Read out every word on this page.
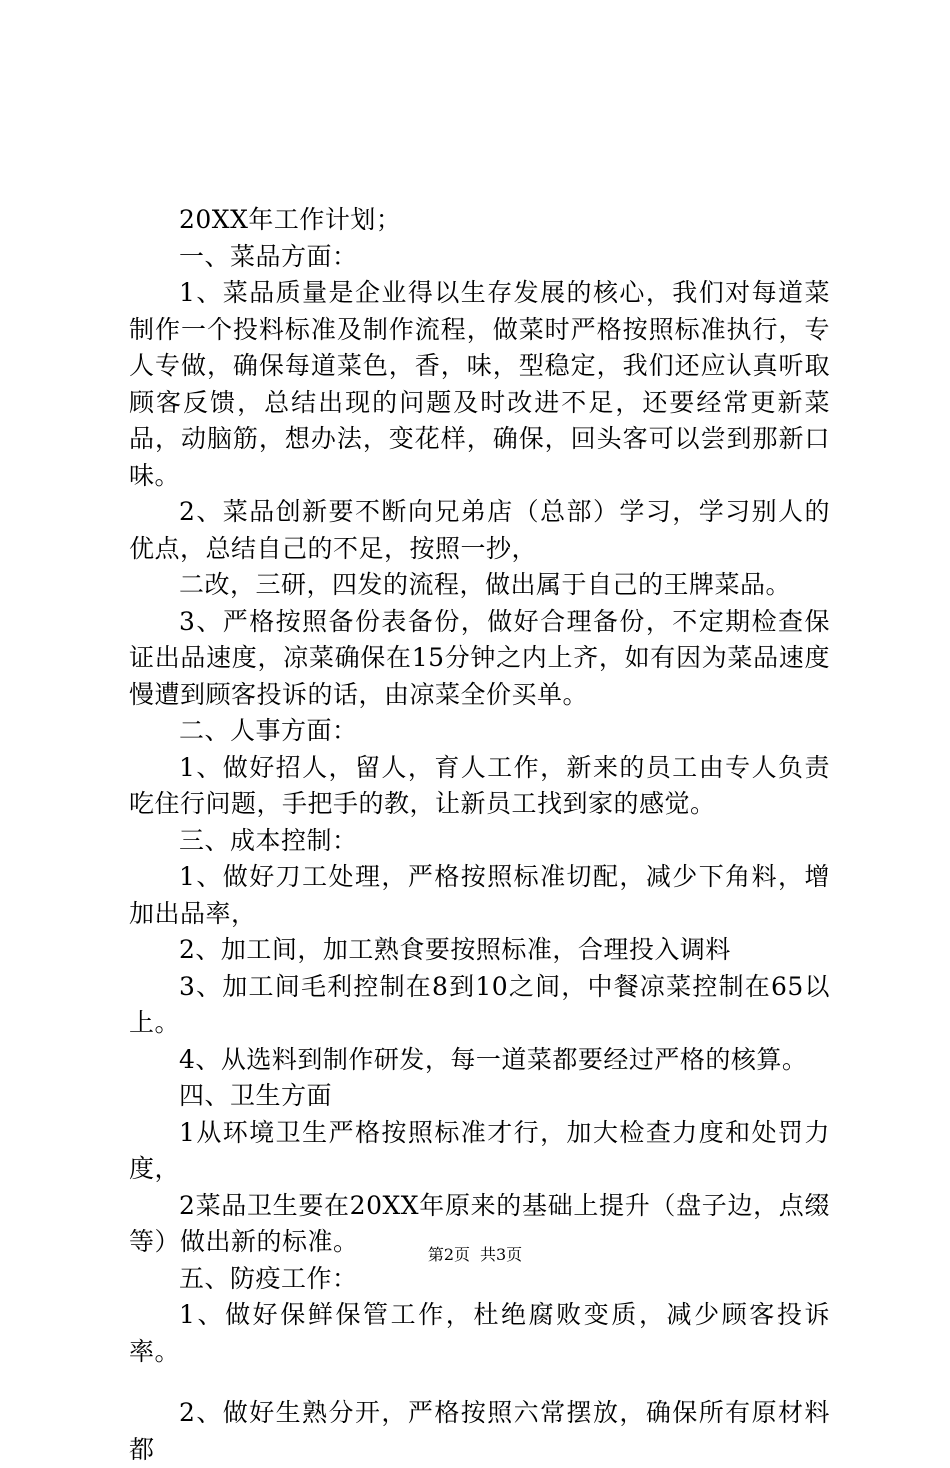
20XX年工作计划；

一、菜品方面：

1、菜品质量是企业得以生存发展的核心，我们对每道菜制作一个投料标准及制作流程，做菜时严格按照标准执行，专人专做，确保每道菜色，香，味，型稳定，我们还应认真听取顾客反馈，总结出现的问题及时改进不足，还要经常更新菜品，动脑筋，想办法，变花样，确保，回头客可以尝到那新口味。

2、菜品创新要不断向兄弟店（总部）学习，学习别人的优点，总结自己的不足，按照一抄，

二改，三研，四发的流程，做出属于自己的王牌菜品。

3、严格按照备份表备份，做好合理备份，不定期检查保证出品速度，凉菜确保在15分钟之内上齐，如有因为菜品速度慢遭到顾客投诉的话，由凉菜全价买单。

二、人事方面：

1、做好招人，留人，育人工作，新来的员工由专人负责吃住行问题，手把手的教，让新员工找到家的感觉。

三、成本控制：

1、做好刀工处理，严格按照标准切配，减少下角料，增加出品率，

2、加工间，加工熟食要按照标准，合理投入调料

3、加工间毛利控制在8到10之间，中餐凉菜控制在65以上。

4、从选料到制作研发，每一道菜都要经过严格的核算。

四、卫生方面

1从环境卫生严格按照标准才行，加大检查力度和处罚力度，

2菜品卫生要在20XX年原来的基础上提升（盘子边，点缀等）做出新的标准。

五、防疫工作：

1、做好保鲜保管工作，杜绝腐败变质，减少顾客投诉率。

2、做好生熟分开，严格按照六常摆放，确保所有原材料都

第2页 共3页
